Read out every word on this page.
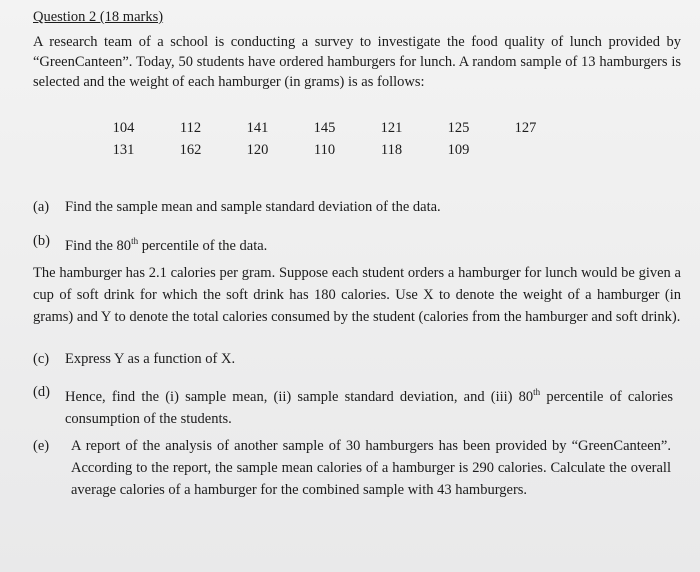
Question 2 (18 marks)
A research team of a school is conducting a survey to investigate the food quality of lunch provided by “GreenCanteen”. Today, 50 students have ordered hamburgers for lunch. A random sample of 13 hamburgers is selected and the weight of each hamburger (in grams) is as follows:
104	112	141	145	121	125	127
131	162	120	110	118	109	
(a) Find the sample mean and sample standard deviation of the data.
(b) Find the 80th percentile of the data.
The hamburger has 2.1 calories per gram. Suppose each student orders a hamburger for lunch would be given a cup of soft drink for which the soft drink has 180 calories. Use X to denote the weight of a hamburger (in grams) and Y to denote the total calories consumed by the student (calories from the hamburger and soft drink).
(c) Express Y as a function of X.
(d) Hence, find the (i) sample mean, (ii) sample standard deviation, and (iii) 80th percentile of calories consumption of the students.
(e) A report of the analysis of another sample of 30 hamburgers has been provided by “GreenCanteen”. According to the report, the sample mean calories of a hamburger is 290 calories. Calculate the overall average calories of a hamburger for the combined sample with 43 hamburgers.
